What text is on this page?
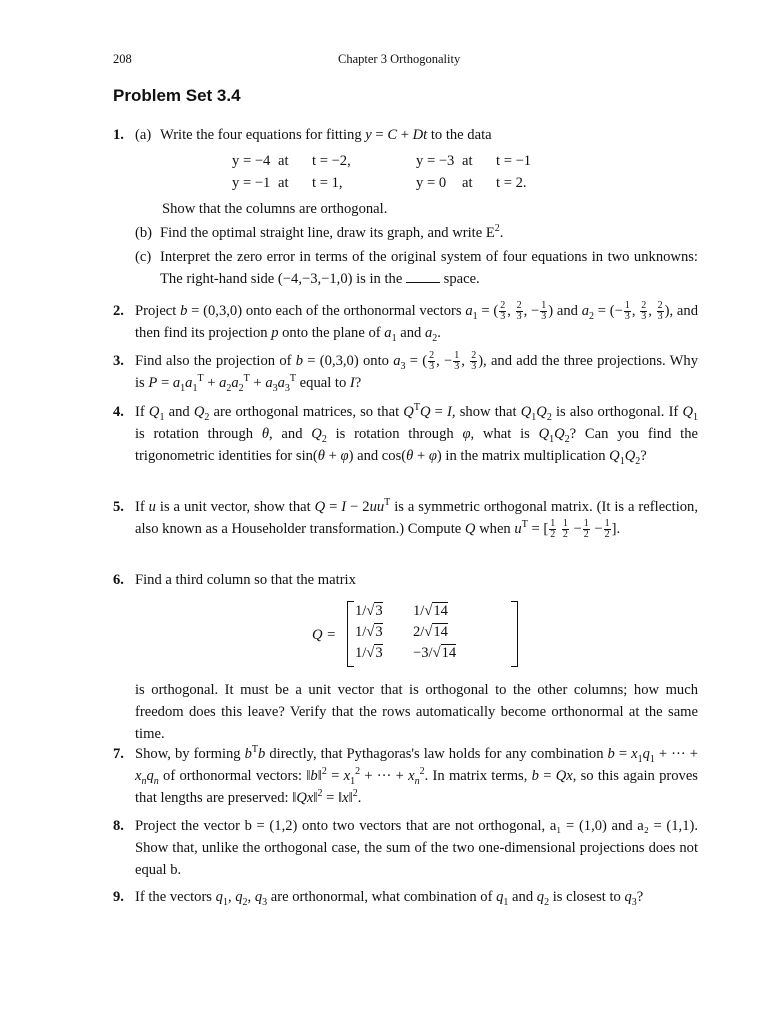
208	Chapter 3 Orthogonality
Problem Set 3.4
1. (a) Write the four equations for fitting y = C + Dt to the data
y = −4 at	t = −2,	y = −3 at	t = −1
y = −1 at	t = 1,	y = 0	at	t = 2.
Show that the columns are orthogonal.
(b) Find the optimal straight line, draw its graph, and write $E^2$.
(c) Interpret the zero error in terms of the original system of four equations in two unknowns: The right-hand side (−4,−3,−1,0) is in the  space.
2. Project b = (0,3,0) onto each of the orthonormal vectors $a_1$ = ( $\frac{2}{3}$ , $\frac{2}{3}$ , − $\frac{1}{3}$ ) and $a_2$ = (− $\frac{1}{3}$ , $\frac{2}{3}$ , $\frac{2}{3}$ ), and then find its projection p onto the plane of $a_1$ and $a_2$.
3. Find also the projection of b = (0,3,0) onto $a_3$ = ( $\frac{2}{3}$ , − $\frac{1}{3}$ , $\frac{2}{3}$ ), and add the three projections. Why is $P = a_1a_1^T + a_2a_2^T + a_3a_3^T$ equal to I?
4. If $Q_1$ and $Q_2$ are orthogonal matrices, so that $Q^TQ = I$, show that $Q_1Q_2$ is also orthogonal. If $Q_1$ is rotation through θ, and $Q_2$ is rotation through φ, what is $Q_1Q_2$? Can you find the trigonometric identities for sin(θ + φ) and cos(θ + φ) in the matrix multiplication $Q_1Q_2$?
5. If u is a unit vector, show that $Q = I - 2uu^T$ is a symmetric orthogonal matrix. (It is a reflection, also known as a Householder transformation.) Compute Q when $u^T$ = [ $\frac{1}{2}$
$\frac{1}{2} - \frac{1}{2} - \frac{1}{2}$ ].
6. Find a third column so that the matrix

Q =
1/√3	1/√14
1/√3	2/√14
1/√3	−3/√14

is orthogonal. It must be a unit vector that is orthogonal to the other columns; how much freedom does this leave? Verify that the rows automatically become orthonormal at the same time.

7. Show, by forming $b^Tb$ directly, that Pythagoras's law holds for any combination $b = x_1q_1$ + ··· + $x_nq_n$ of orthonormal vectors: ‖b‖$^2$ = $x_1^2$ + ··· + $x_n^2$. In matrix terms, b = Qx, so this again proves that lengths are preserved: ‖Qx‖$^2$ = ‖x‖$^2$.
8. Project the vector b = (1,2) onto two vectors that are not orthogonal, a₁ = (1,0) and a₂ = (1,1). Show that, unlike the orthogonal case, the sum of the two one-dimensional projections does not equal b.
9. If the vectors $q_1$, $q_2$, $q_3$ are orthonormal, what combination of $q_1$ and $q_2$ is closest to $q_3$?
